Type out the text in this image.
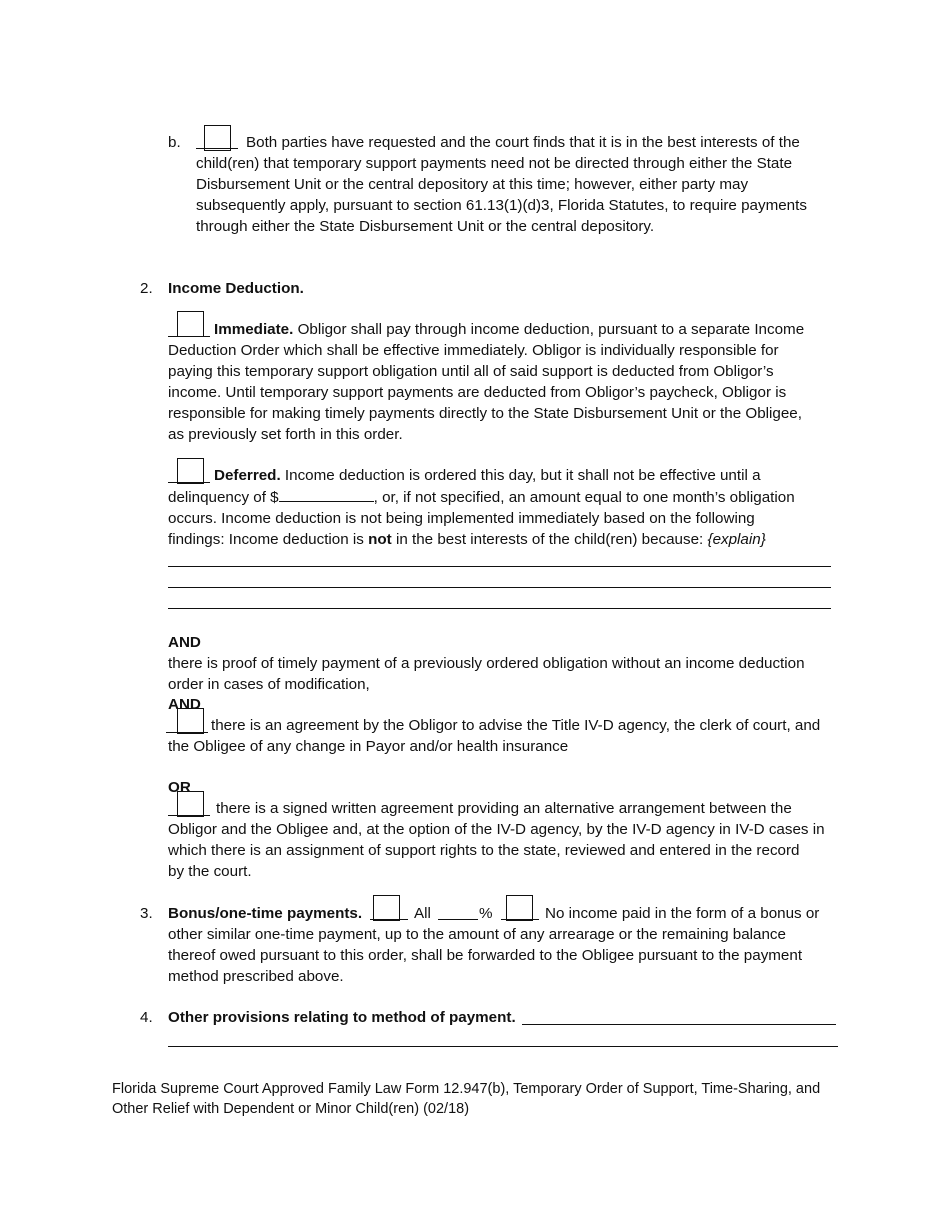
b.	Both parties have requested and the court finds that it is in the best interests of the
child(ren) that temporary support payments need not be directed through either the State
Disbursement Unit or the central depository at this time; however, either party may
subsequently apply, pursuant to section 61.13(1)(d)3, Florida Statutes, to require payments
through either the State Disbursement Unit or the central depository.
2. Income Deduction.
Immediate. Obligor shall pay through income deduction, pursuant to a separate Income
Deduction Order which shall be effective immediately. Obligor is individually responsible for
paying this temporary support obligation until all of said support is deducted from Obligor’s
income. Until temporary support payments are deducted from Obligor’s paycheck, Obligor is
responsible for making timely payments directly to the State Disbursement Unit or the Obligee,
as previously set forth in this order.
Deferred. Income deduction is ordered this day, but it shall not be effective until a
delinquency of $	, or, if not specified, an amount equal to one month’s obligation
occurs. Income deduction is not being implemented immediately based on the following
findings: Income deduction is not in the best interests of the child(ren) because: {explain}
AND
there is proof of timely payment of a previously ordered obligation without an income deduction
order in cases of modification,
AND
there is an agreement by the Obligor to advise the Title IV-D agency, the clerk of court, and
the Obligee of any change in Payor and/or health insurance
OR
there is a signed written agreement providing an alternative arrangement between the
Obligor and the Obligee and, at the option of the IV-D agency, by the IV-D agency in IV-D cases in
which there is an assignment of support rights to the state, reviewed and entered in the record
by the court.
3. Bonus/one-time payments.	All	%	No income paid in the form of a bonus or
other similar one-time payment, up to the amount of any arrearage or the remaining balance
thereof owed pursuant to this order, shall be forwarded to the Obligee pursuant to the payment
method prescribed above.
4. Other provisions relating to method of payment.
Florida Supreme Court Approved Family Law Form 12.947(b), Temporary Order of Support, Time-Sharing, and
Other Relief with Dependent or Minor Child(ren) (02/18)
